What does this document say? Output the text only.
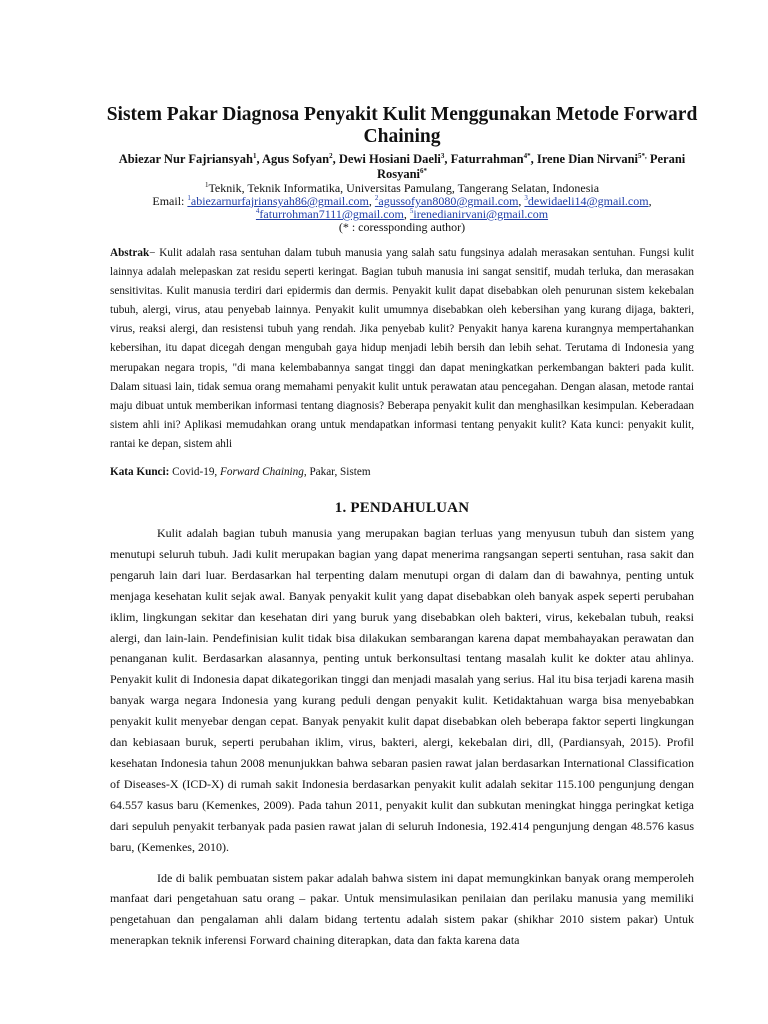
Sistem Pakar Diagnosa Penyakit Kulit Menggunakan Metode Forward Chaining
Abiezar Nur Fajriansyah$^1$, Agus Sofyan$^2$, Dewi Hosiani Daeli$^3$, Faturrahman$^{4*}$, Irene Dian Nirvani$^{5*,}$ Perani Rosyani$^{6*}$
$^1$Teknik, Teknik Informatika, Universitas Pamulang, Tangerang Selatan, Indonesia
Email: $^1$abiezarnurfajriansyah86@gmail.com, $^2$agussofyan8080@gmail.com, $^3$dewidaeli14@gmail.com,
$^4$faturrohman7111@gmail.com, $^5$irenedianirvani@gmail.com
(* : coressponding author)
Abstrak− Kulit adalah rasa sentuhan dalam tubuh manusia yang salah satu fungsinya adalah merasakan sentuhan. Fungsi kulit lainnya adalah melepaskan zat residu seperti keringat. Bagian tubuh manusia ini sangat sensitif, mudah terluka, dan merasakan sensitivitas. Kulit manusia terdiri dari epidermis dan dermis. Penyakit kulit dapat disebabkan oleh penurunan sistem kekebalan tubuh, alergi, virus, atau penyebab lainnya. Penyakit kulit umumnya disebabkan oleh kebersihan yang kurang dijaga, bakteri, virus, reaksi alergi, dan resistensi tubuh yang rendah. Jika penyebab kulit? Penyakit hanya karena kurangnya mempertahankan kebersihan, itu dapat dicegah dengan mengubah gaya hidup menjadi lebih bersih dan lebih sehat. Terutama di Indonesia yang merupakan negara tropis, "di mana kelembabannya sangat tinggi dan dapat meningkatkan perkembangan bakteri pada kulit. Dalam situasi lain, tidak semua orang memahami penyakit kulit untuk perawatan atau pencegahan. Dengan alasan, metode rantai maju dibuat untuk memberikan informasi tentang diagnosis? Beberapa penyakit kulit dan menghasilkan kesimpulan. Keberadaan sistem ahli ini? Aplikasi memudahkan orang untuk mendapatkan informasi tentang penyakit kulit? Kata kunci: penyakit kulit, rantai ke depan, sistem ahli
Kata Kunci: Covid-19, Forward Chaining, Pakar, Sistem
1. PENDAHULUAN

Kulit adalah bagian tubuh manusia yang merupakan bagian terluas yang menyusun tubuh dan sistem yang menutupi seluruh tubuh. Jadi kulit merupakan bagian yang dapat menerima rangsangan seperti sentuhan, rasa sakit dan pengaruh lain dari luar. Berdasarkan hal terpenting dalam menutupi organ di dalam dan di bawahnya, penting untuk menjaga kesehatan kulit sejak awal. Banyak penyakit kulit yang dapat disebabkan oleh banyak aspek seperti perubahan iklim, lingkungan sekitar dan kesehatan diri yang buruk yang disebabkan oleh bakteri, virus, kekebalan tubuh, reaksi alergi, dan lain-lain. Pendefinisian kulit tidak bisa dilakukan sembarangan karena dapat membahayakan perawatan dan penanganan kulit. Berdasarkan alasannya, penting untuk berkonsultasi tentang masalah kulit ke dokter atau ahlinya. Penyakit kulit di Indonesia dapat dikategorikan tinggi dan menjadi masalah yang serius. Hal itu bisa terjadi karena masih banyak warga negara Indonesia yang kurang peduli dengan penyakit kulit. Ketidaktahuan warga bisa menyebabkan penyakit kulit menyebar dengan cepat. Banyak penyakit kulit dapat disebabkan oleh beberapa faktor seperti lingkungan dan kebiasaan buruk, seperti perubahan iklim, virus, bakteri, alergi, kekebalan diri, dll, (Pardiansyah, 2015). Profil kesehatan Indonesia tahun 2008 menunjukkan bahwa sebaran pasien rawat jalan berdasarkan International Classification of Diseases-X (ICD-X) di rumah sakit Indonesia berdasarkan penyakit kulit adalah sekitar 115.100 pengunjung dengan 64.557 kasus baru (Kemenkes, 2009). Pada tahun 2011, penyakit kulit dan subkutan meningkat hingga peringkat ketiga dari sepuluh penyakit terbanyak pada pasien rawat jalan di seluruh Indonesia, 192.414 pengunjung dengan 48.576 kasus baru, (Kemenkes, 2010).

Ide di balik pembuatan sistem pakar adalah bahwa sistem ini dapat memungkinkan banyak orang memperoleh manfaat dari pengetahuan satu orang – pakar. Untuk mensimulasikan penilaian dan perilaku manusia yang memiliki pengetahuan dan pengalaman ahli dalam bidang tertentu adalah sistem pakar (shikhar 2010 sistem pakar) Untuk menerapkan teknik inferensi Forward chaining diterapkan, data dan fakta karena data
